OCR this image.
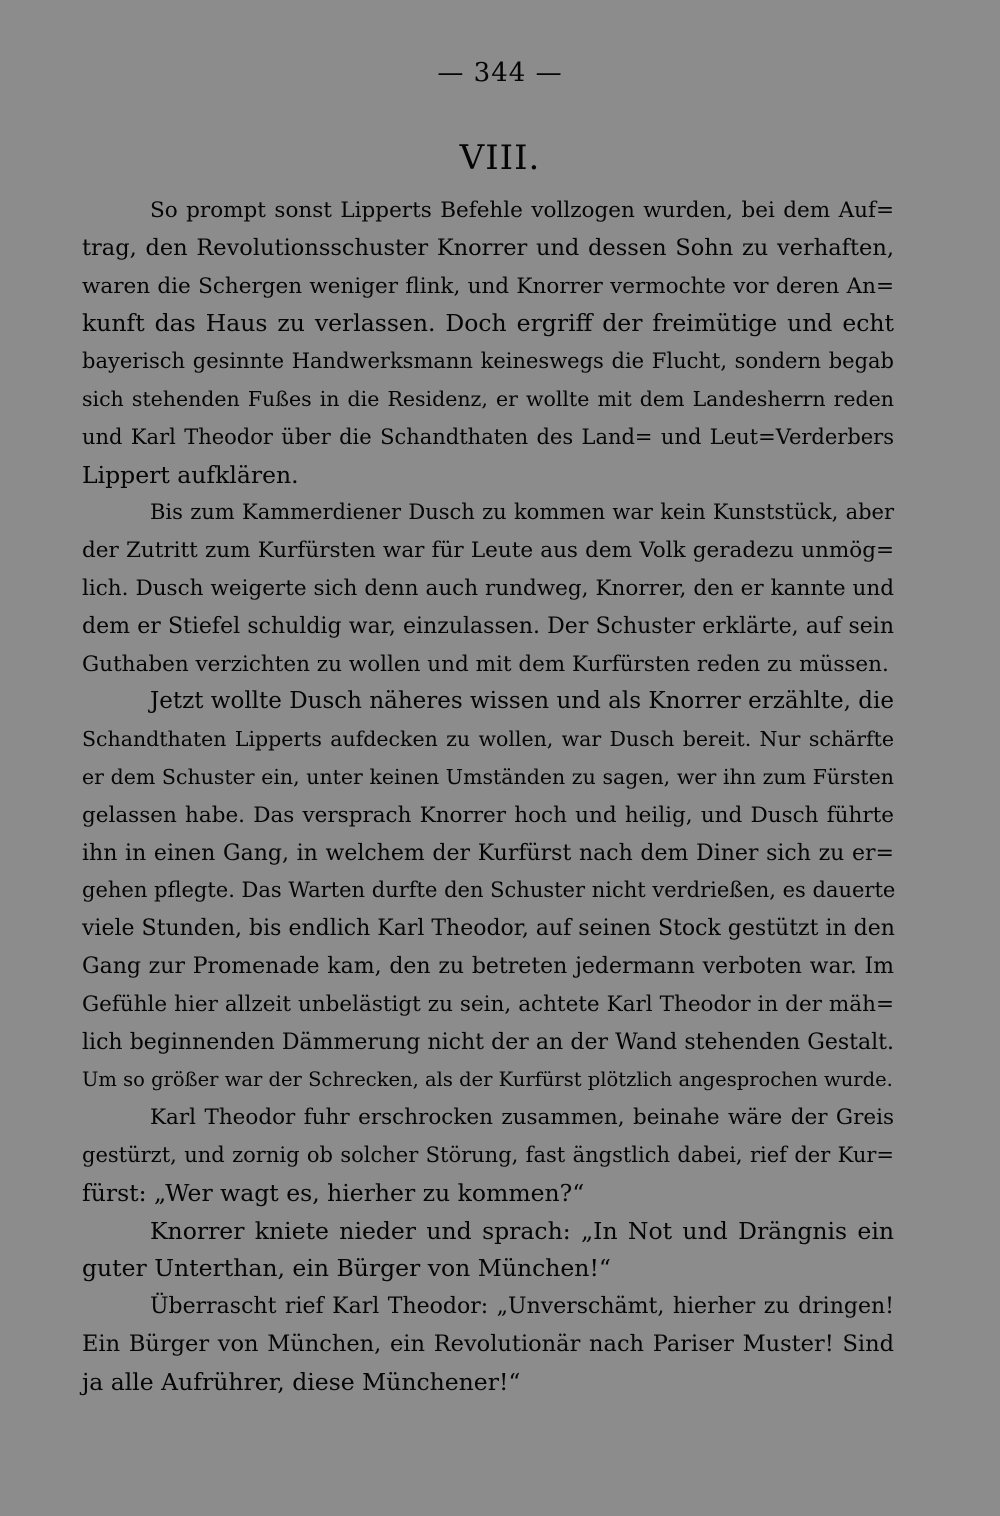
— 344 —
VIII.
So prompt sonst Lipperts Befehle vollzogen wurden, bei dem Auf=
trag, den Revolutionsschuster Knorrer und dessen Sohn zu verhaften,
waren die Schergen weniger flink, und Knorrer vermochte vor deren An=
kunft das Haus zu verlassen. Doch ergriff der freimütige und echt
bayerisch gesinnte Handwerksmann keineswegs die Flucht, sondern begab
sich stehenden Fußes in die Residenz, er wollte mit dem Landesherrn reden
und Karl Theodor über die Schandthaten des Land= und Leut=Verderbers
Lippert aufklären.
Bis zum Kammerdiener Dusch zu kommen war kein Kunststück, aber
der Zutritt zum Kurfürsten war für Leute aus dem Volk geradezu unmög=
lich. Dusch weigerte sich denn auch rundweg, Knorrer, den er kannte und
dem er Stiefel schuldig war, einzulassen. Der Schuster erklärte, auf sein
Guthaben verzichten zu wollen und mit dem Kurfürsten reden zu müssen.
Jetzt wollte Dusch näheres wissen und als Knorrer erzählte, die
Schandthaten Lipperts aufdecken zu wollen, war Dusch bereit. Nur schärfte
er dem Schuster ein, unter keinen Umständen zu sagen, wer ihn zum Fürsten
gelassen habe. Das versprach Knorrer hoch und heilig, und Dusch führte
ihn in einen Gang, in welchem der Kurfürst nach dem Diner sich zu er=
gehen pflegte. Das Warten durfte den Schuster nicht verdrießen, es dauerte
viele Stunden, bis endlich Karl Theodor, auf seinen Stock gestützt in den
Gang zur Promenade kam, den zu betreten jedermann verboten war. Im
Gefühle hier allzeit unbelästigt zu sein, achtete Karl Theodor in der mäh=
lich beginnenden Dämmerung nicht der an der Wand stehenden Gestalt.
Um so größer war der Schrecken, als der Kurfürst plötzlich angesprochen wurde.
Karl Theodor fuhr erschrocken zusammen, beinahe wäre der Greis
gestürzt, und zornig ob solcher Störung, fast ängstlich dabei, rief der Kur=
fürst: „Wer wagt es, hierher zu kommen?“
Knorrer kniete nieder und sprach: „In Not und Drängnis ein
guter Unterthan, ein Bürger von München!“
Überrascht rief Karl Theodor: „Unverschämt, hierher zu dringen!
Ein Bürger von München, ein Revolutionär nach Pariser Muster! Sind
ja alle Aufrührer, diese Münchener!“
